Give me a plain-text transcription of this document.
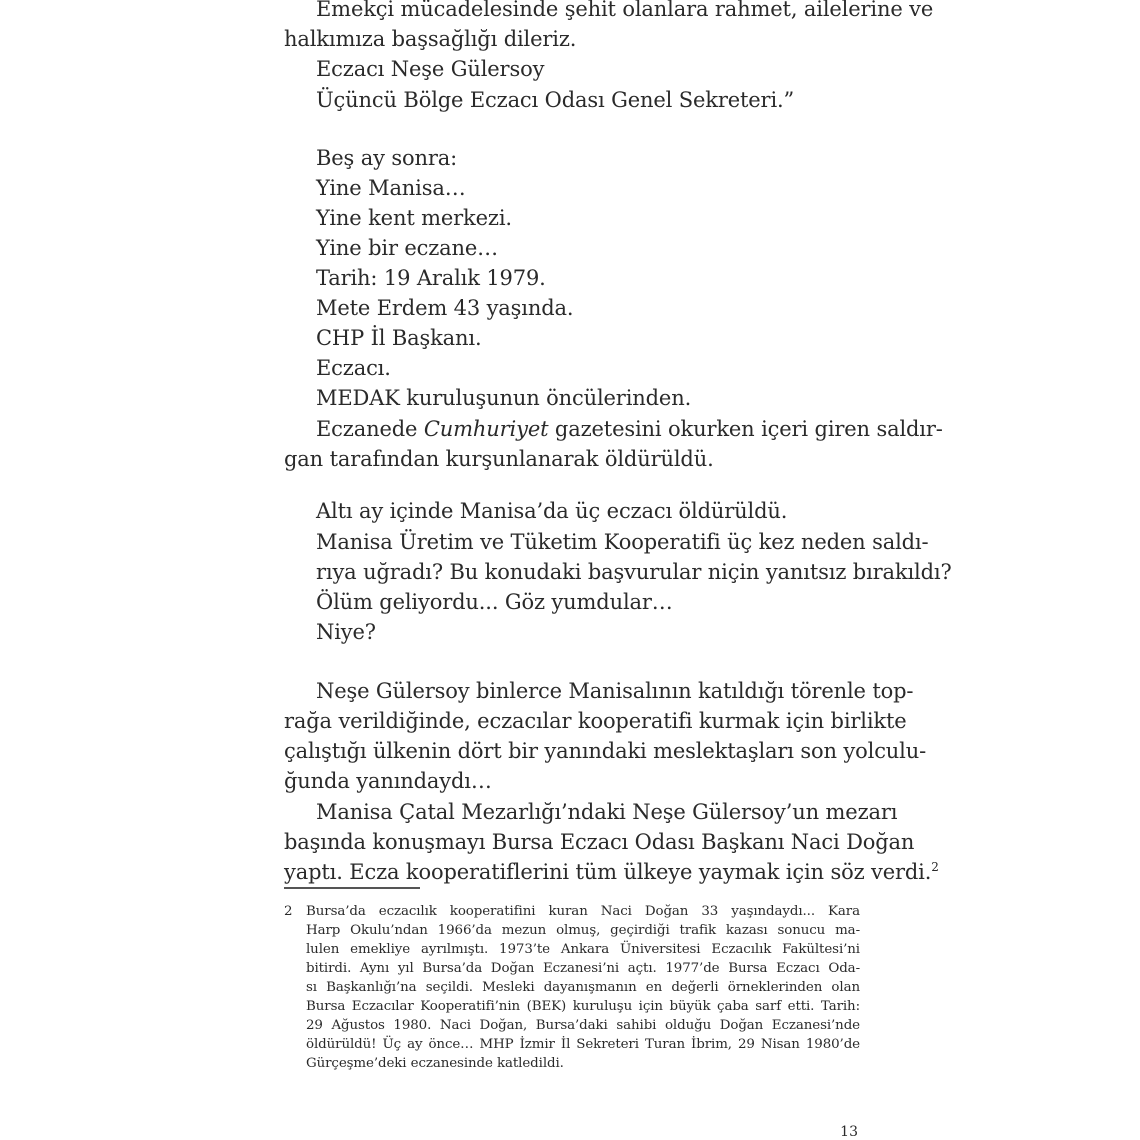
Emekçi mücadelesinde şehit olanlara rahmet, ailelerine ve
halkımıza başsağlığı dileriz.
Eczacı Neşe Gülersoy
Üçüncü Bölge Eczacı Odası Genel Sekreteri.”
Beş ay sonra:
Yine Manisa…
Yine kent merkezi.
Yine bir eczane…
Tarih: 19 Aralık 1979.
Mete Erdem 43 yaşında.
CHP İl Başkanı.
Eczacı.
MEDAK kuruluşunun öncülerinden.
Eczanede Cumhuriyet gazetesini okurken içeri giren saldır-
gan tarafından kurşunlanarak öldürüldü.
Altı ay içinde Manisa’da üç eczacı öldürüldü.
Manisa Üretim ve Tüketim Kooperatifi üç kez neden saldı-
rıya uğradı? Bu konudaki başvurular niçin yanıtsız bırakıldı?
Ölüm geliyordu... Göz yumdular…
Niye?
Neşe Gülersoy binlerce Manisalının katıldığı törenle top-
rağa verildiğinde, eczacılar kooperatifi kurmak için birlikte
çalıştığı ülkenin dört bir yanındaki meslektaşları son yolculu-
ğunda yanındaydı…
Manisa Çatal Mezarlığı’ndaki Neşe Gülersoy’un mezarı
başında konuşmayı Bursa Eczacı Odası Başkanı Naci Doğan
yaptı. Ecza kooperatiflerini tüm ülkeye yaymak için söz verdi.$^2$
2 Bursa’da eczacılık kooperatifini kuran Naci Doğan 33 yaşındaydı... Kara
Harp Okulu’ndan 1966’da mezun olmuş, geçirdiği trafik kazası sonucu ma-
lulen emekliye ayrılmıştı. 1973’te Ankara Üniversitesi Eczacılık Fakültesi’ni
bitirdi. Aynı yıl Bursa’da Doğan Eczanesi’ni açtı. 1977’de Bursa Eczacı Oda-
sı Başkanlığı’na seçildi. Mesleki dayanışmanın en değerli örneklerinden olan
Bursa Eczacılar Kooperatifi’nin (BEK) kuruluşu için büyük çaba sarf etti. Tarih:
29 Ağustos 1980. Naci Doğan, Bursa’daki sahibi olduğu Doğan Eczanesi’nde
öldürüldü! Üç ay önce… MHP İzmir İl Sekreteri Turan İbrim, 29 Nisan 1980’de
Gürçeşme’deki eczanesinde katledildi.
13
